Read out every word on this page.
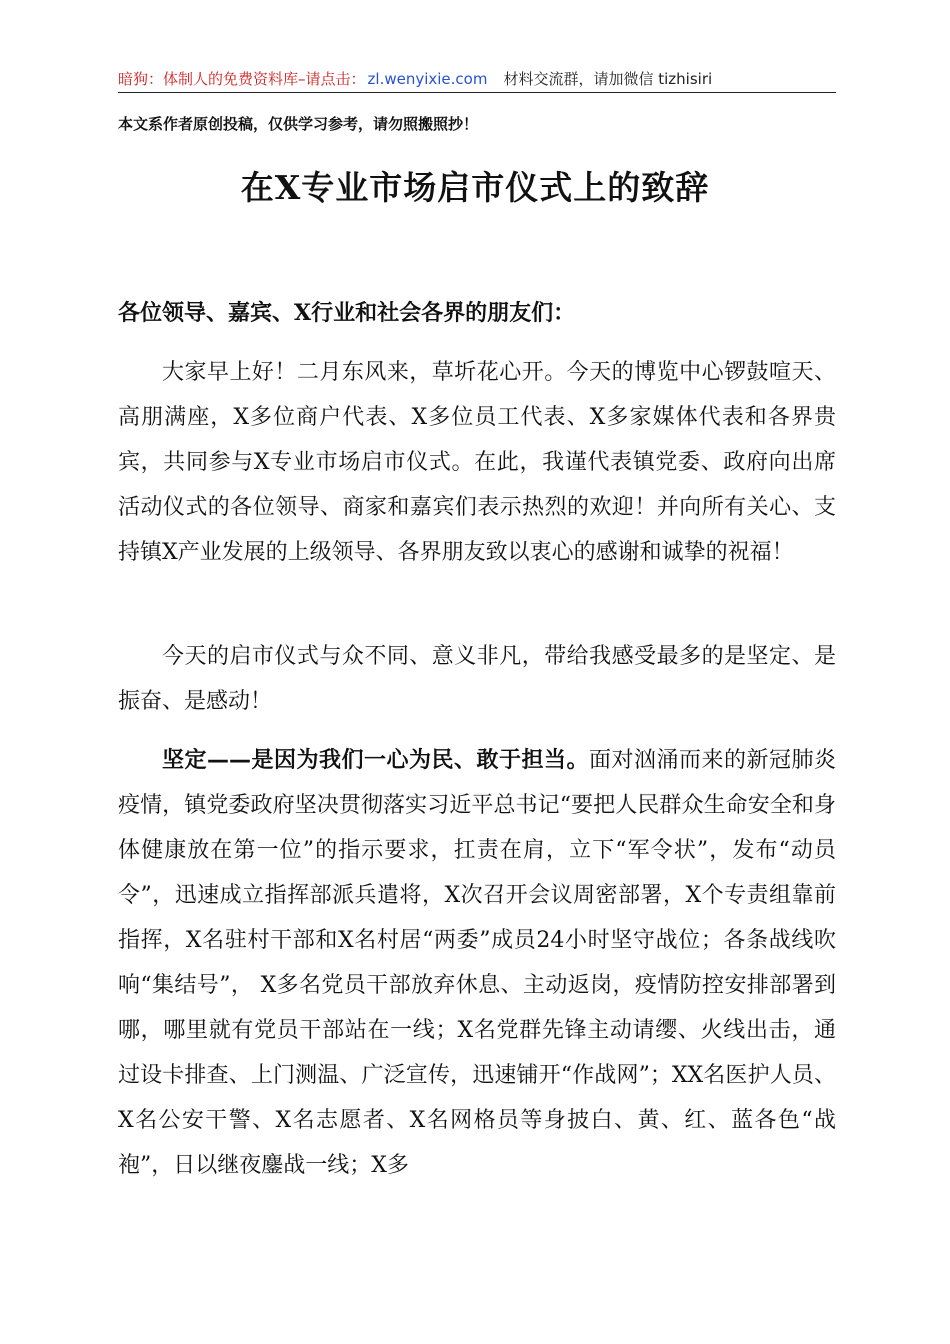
暗狗：体制人的免费资料库–请点击： zl.wenyixie.com 材料交流群，请加微信 tizhisiri
本文系作者原创投稿，仅供学习参考，请勿照搬照抄！
在X专业市场启市仪式上的致辞
各位领导、嘉宾、X行业和社会各界的朋友们：

大家早上好！二月东风来，草圻花心开。今天的博览中心锣鼓喧天、高朋满座，X多位商户代表、X多位员工代表、X多家媒体代表和各界贵宾，共同参与X专业市场启市仪式。在此，我谨代表镇党委、政府向出席活动仪式的各位领导、商家和嘉宾们表示热烈的欢迎！并向所有关心、支持镇X产业发展的上级领导、各界朋友致以衷心的感谢和诚挚的祝福！

今天的启市仪式与众不同、意义非凡，带给我感受最多的是坚定、是振奋、是感动！

坚定——是因为我们一心为民、敢于担当。面对汹涌而来的新冠肺炎疫情，镇党委政府坚决贯彻落实习近平总书记“要把人民群众生命安全和身体健康放在第一位”的指示要求，扛责在肩，立下“军令状”，发布“动员令”，迅速成立指挥部派兵遣将，X次召开会议周密部署，X个专责组靠前指挥，X名驻村干部和X名村居“两委”成员24小时坚守战位；各条战线吹响“集结号”， X多名党员干部放弃休息、主动返岗，疫情防控安排部署到哪，哪里就有党员干部站在一线；X名党群先锋主动请缨、火线出击，通过设卡排查、上门测温、广泛宣传，迅速铺开“作战网”；XX名医护人员、X名公安干警、X名志愿者、X名网格员等身披白、黄、红、蓝各色“战袍”，日以继夜鏖战一线；X多
